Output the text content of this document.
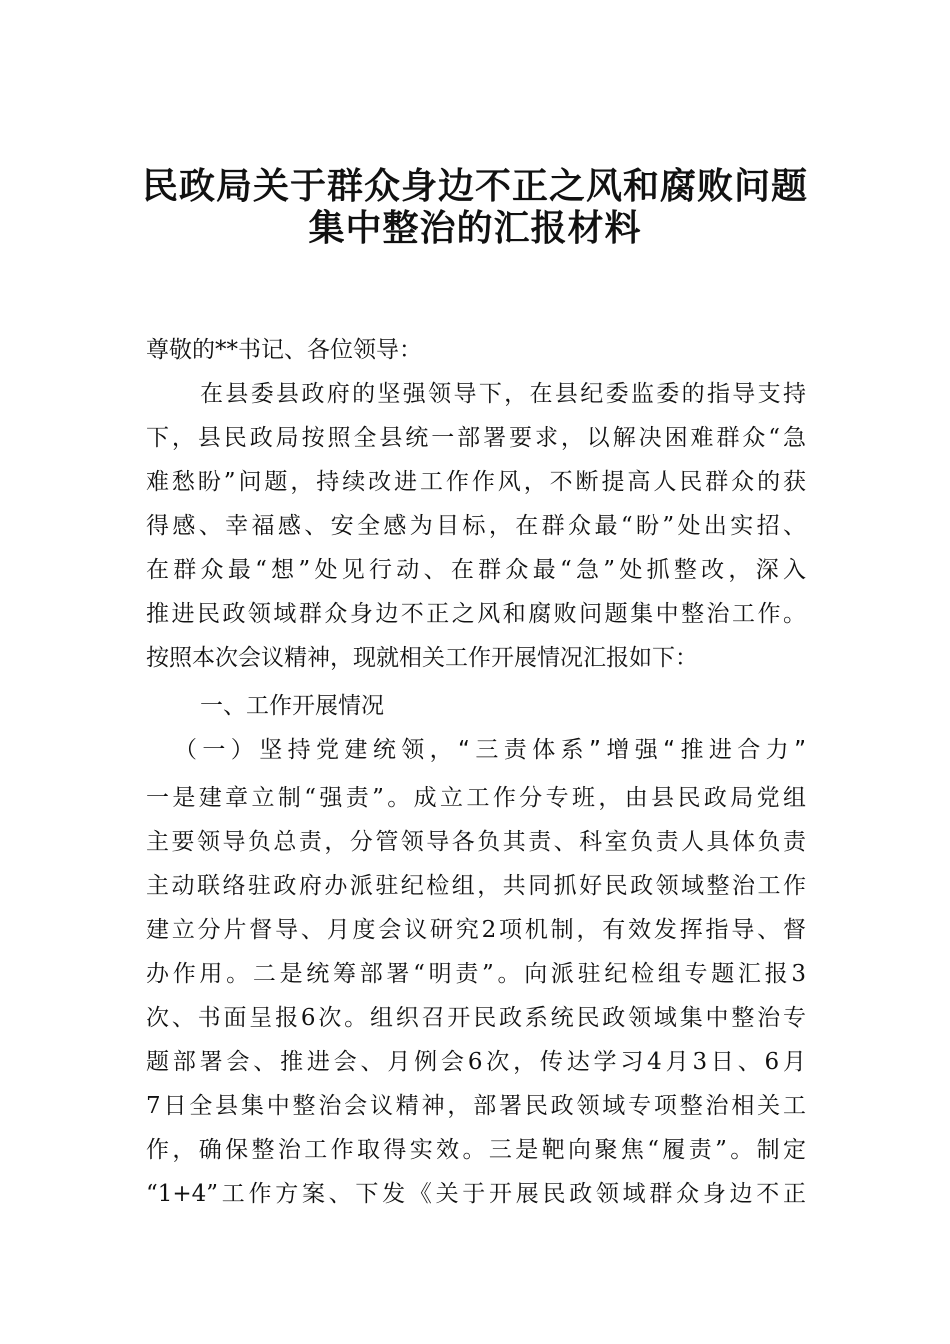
民政局关于群众身边不正之风和腐败问题
集中整治的汇报材料
尊敬的**书记、各位领导：
在县委县政府的坚强领导下，在县纪委监委的指导支持
下，县民政局按照全县统一部署要求，以解决困难群众“急
难愁盼”问题，持续改进工作作风，不断提高人民群众的获
得感、幸福感、安全感为目标，在群众最“盼”处出实招、
在群众最“想”处见行动、在群众最“急”处抓整改，深入
推进民政领域群众身边不正之风和腐败问题集中整治工作。
按照本次会议精神，现就相关工作开展情况汇报如下：
一、工作开展情况
（一）坚持党建统领，“三责体系”增强“推进合力”
一是建章立制“强责”。成立工作分专班，由县民政局党组
主要领导负总责，分管领导各负其责、科室负责人具体负责
主动联络驻政府办派驻纪检组，共同抓好民政领域整治工作
建立分片督导、月度会议研究2项机制，有效发挥指导、督
办作用。二是统筹部署“明责”。向派驻纪检组专题汇报3
次、书面呈报6次。组织召开民政系统民政领域集中整治专
题部署会、推进会、月例会6次，传达学习4月3日、6月
7日全县集中整治会议精神，部署民政领域专项整治相关工
作，确保整治工作取得实效。三是靶向聚焦“履责”。制定
“1+4”工作方案、下发《关于开展民政领域群众身边不正
